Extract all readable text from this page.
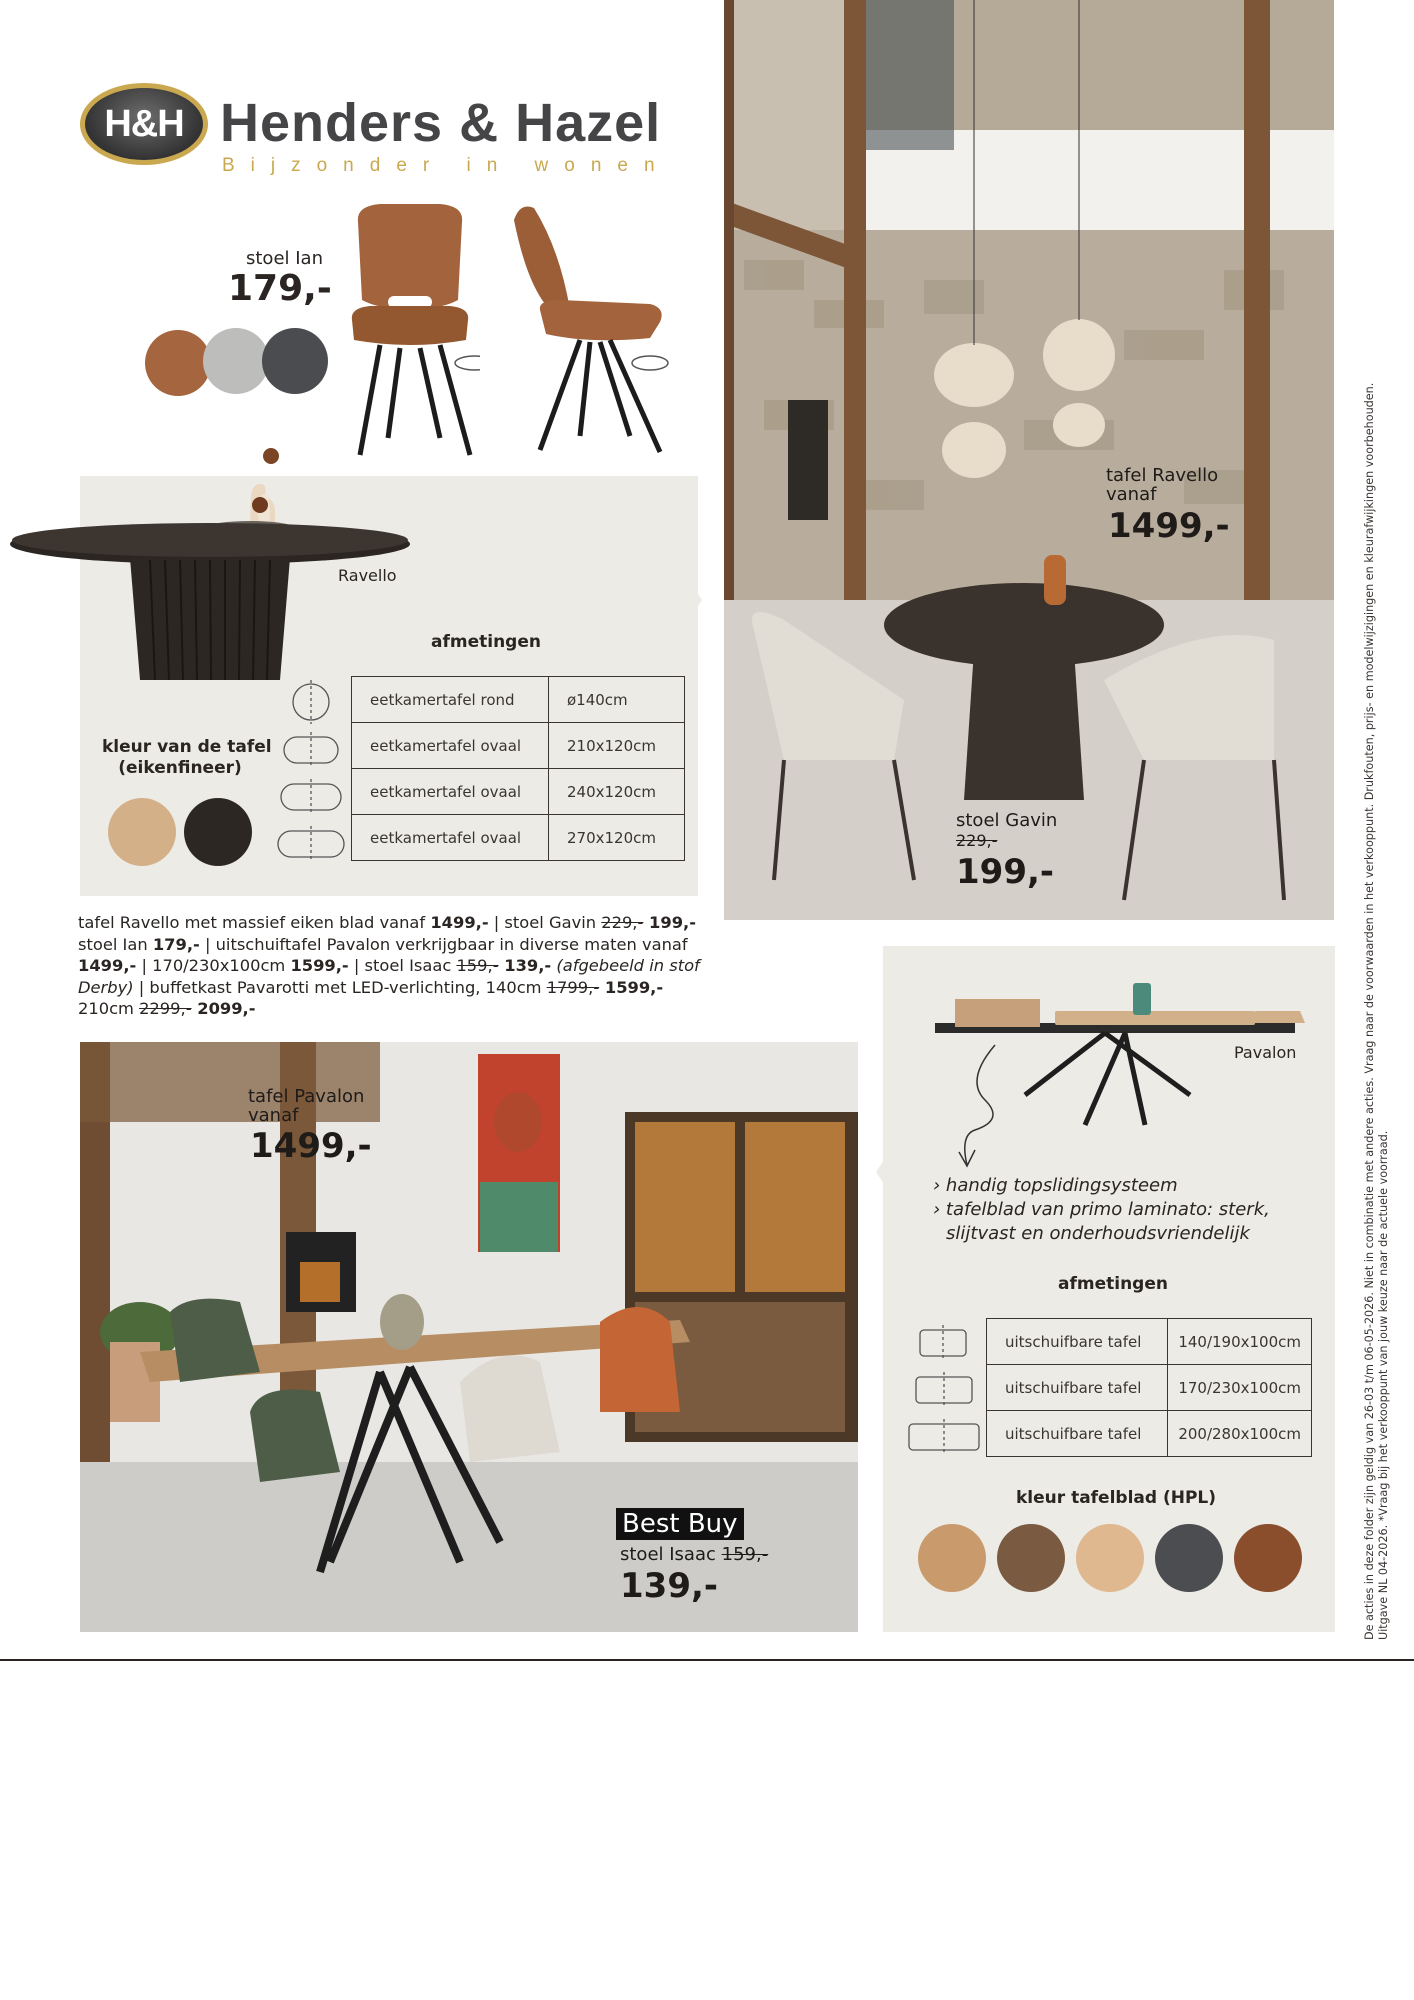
H&H Henders & Hazel
Bijzonder in wonen
stoel Ian
179,-
Ravello
afmetingen
eetkamertafel rond	ø140cm
eetkamertafel ovaal	210x120cm
eetkamertafel ovaal	240x120cm
eetkamertafel ovaal	270x120cm
kleur van de tafel
(eikenfineer)
tafel Ravello
vanaf
1499,-
stoel Gavin
229,-
199,-
tafel Ravello met massief eiken blad vanaf 1499,- | stoel Gavin 229,- 199,-
stoel Ian 179,- | uitschuiftafel Pavalon verkrijgbaar in diverse maten vanaf 1499,- | 170/230x100cm 1599,- | stoel Isaac 159,- 139,- (afgebeeld in stof Derby) | buffetkast Pavarotti met LED-verlichting, 140cm 1799,- 1599,-
210cm 2299,- 2099,-
tafel Pavalon
vanaf
1499,-
Best Buy
stoel Isaac 159,-
139,-
Pavalon
› handig topslidingsysteem
› tafelblad van primo laminato: sterk,
slijtvast en onderhoudsvriendelijk
afmetingen
uitschuifbare tafel	140/190x100cm
uitschuifbare tafel	170/230x100cm
uitschuifbare tafel	200/280x100cm
kleur tafelblad (HPL)	De acties in deze folder zijn geldig van 26-03 t/m 06-05-2026. Niet in combinatie met andere acties. Vraag naar de voorwaarden in het verkooppunt. Drukfouten, prijs- en modelwijzigingen en kleurafwijkingen voorbehouden. Uitgave NL 04-2026. *Vraag bij het verkooppunt van jouw keuze naar de actuele voorraad.
